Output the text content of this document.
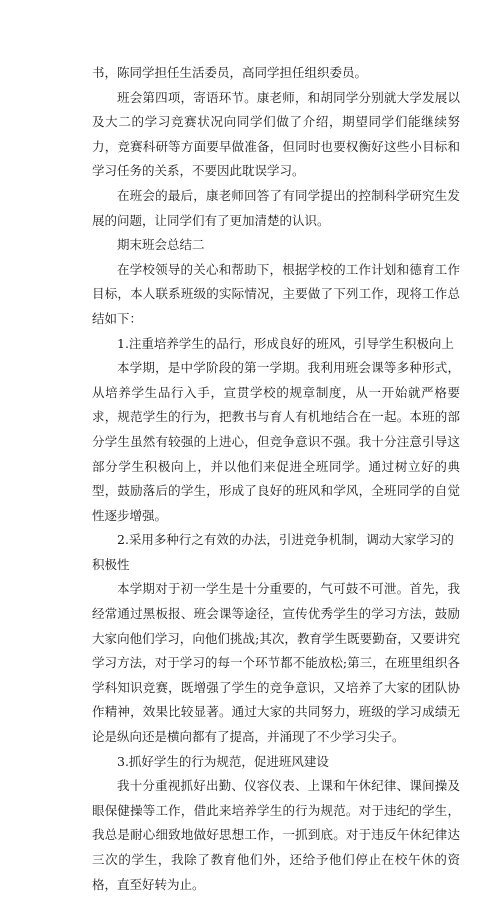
书，陈同学担任生活委员，高同学担任组织委员。

班会第四项，寄语环节。康老师，和胡同学分别就大学发展以及大二的学习竞赛状况向同学们做了介绍，期望同学们能继续努力，竞赛科研等方面要早做准备，但同时也要权衡好这些小目标和学习任务的关系，不要因此耽误学习。

在班会的最后，康老师回答了有同学提出的控制科学研究生发展的问题，让同学们有了更加清楚的认识。

期末班会总结二

在学校领导的关心和帮助下，根据学校的工作计划和德育工作目标，本人联系班级的实际情况，主要做了下列工作，现将工作总结如下：

1.注重培养学生的品行，形成良好的班风，引导学生积极向上

本学期，是中学阶段的第一学期。我利用班会课等多种形式，从培养学生品行入手，宣贯学校的规章制度，从一开始就严格要求，规范学生的行为，把教书与育人有机地结合在一起。本班的部分学生虽然有较强的上进心，但竞争意识不强。我十分注意引导这部分学生积极向上，并以他们来促进全班同学。通过树立好的典型，鼓励落后的学生，形成了良好的班风和学风，全班同学的自觉性逐步增强。

2.采用多种行之有效的办法，引进竞争机制，调动大家学习的积极性

本学期对于初一学生是十分重要的，气可鼓不可泄。首先，我经常通过黑板报、班会课等途径，宣传优秀学生的学习方法，鼓励大家向他们学习，向他们挑战;其次，教育学生既要勤奋，又要讲究学习方法，对于学习的每一个环节都不能放松;第三，在班里组织各学科知识竞赛，既增强了学生的竞争意识，又培养了大家的团队协作精神，效果比较显著。通过大家的共同努力，班级的学习成绩无论是纵向还是横向都有了提高，并涌现了不少学习尖子。

3.抓好学生的行为规范，促进班风建设

我十分重视抓好出勤、仪容仪表、上课和午休纪律、课间操及眼保健操等工作，借此来培养学生的行为规范。对于违纪的学生，我总是耐心细致地做好思想工作，一抓到底。对于违反午休纪律达三次的学生，我除了教育他们外，还给予他们停止在校午休的资格，直至好转为止。
